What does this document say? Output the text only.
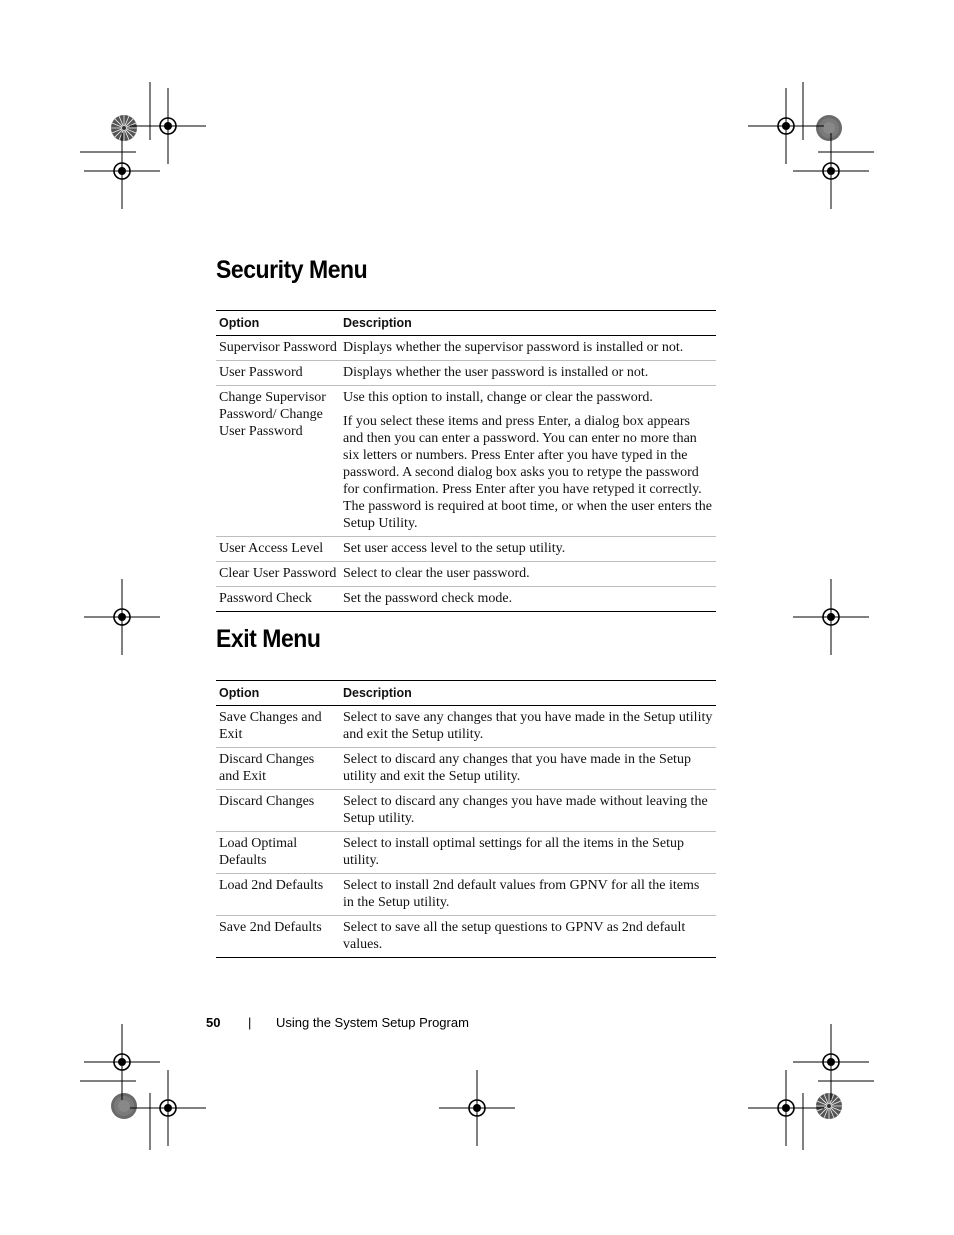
Security Menu
Option	Description
Supervisor Password	Displays whether the supervisor password is installed or not.

User Password	Displays whether the user password is installed or not.

Change Supervisor Password/ Change User Password	Use this option to install, change or clear the password.

If you select these items and press Enter, a dialog box appears and then you can enter a password. You can enter no more than six letters or numbers. Press Enter after you have typed in the password. A second dialog box asks you to retype the password for confirmation. Press Enter after you have retyped it correctly. The password is required at boot time, or when the user enters the Setup Utility.

User Access Level	Set user access level to the setup utility.

Clear User Password	Select to clear the user password.

Password Check	Set the password check mode.

Exit Menu
Option	Description
Save Changes and Exit	Select to save any changes that you have made in the Setup utility and exit the Setup utility.

Discard Changes and Exit	Select to discard any changes that you have made in the Setup utility and exit the Setup utility.

Discard Changes	Select to discard any changes you have made without leaving the Setup utility.

Load Optimal Defaults	Select to install optimal settings for all the items in the Setup utility.

Load 2nd Defaults	Select to install 2nd default values from GPNV for all the items in the Setup utility.

Save 2nd Defaults	Select to save all the setup questions to GPNV as 2nd default values.

50 | Using the System Setup Program
